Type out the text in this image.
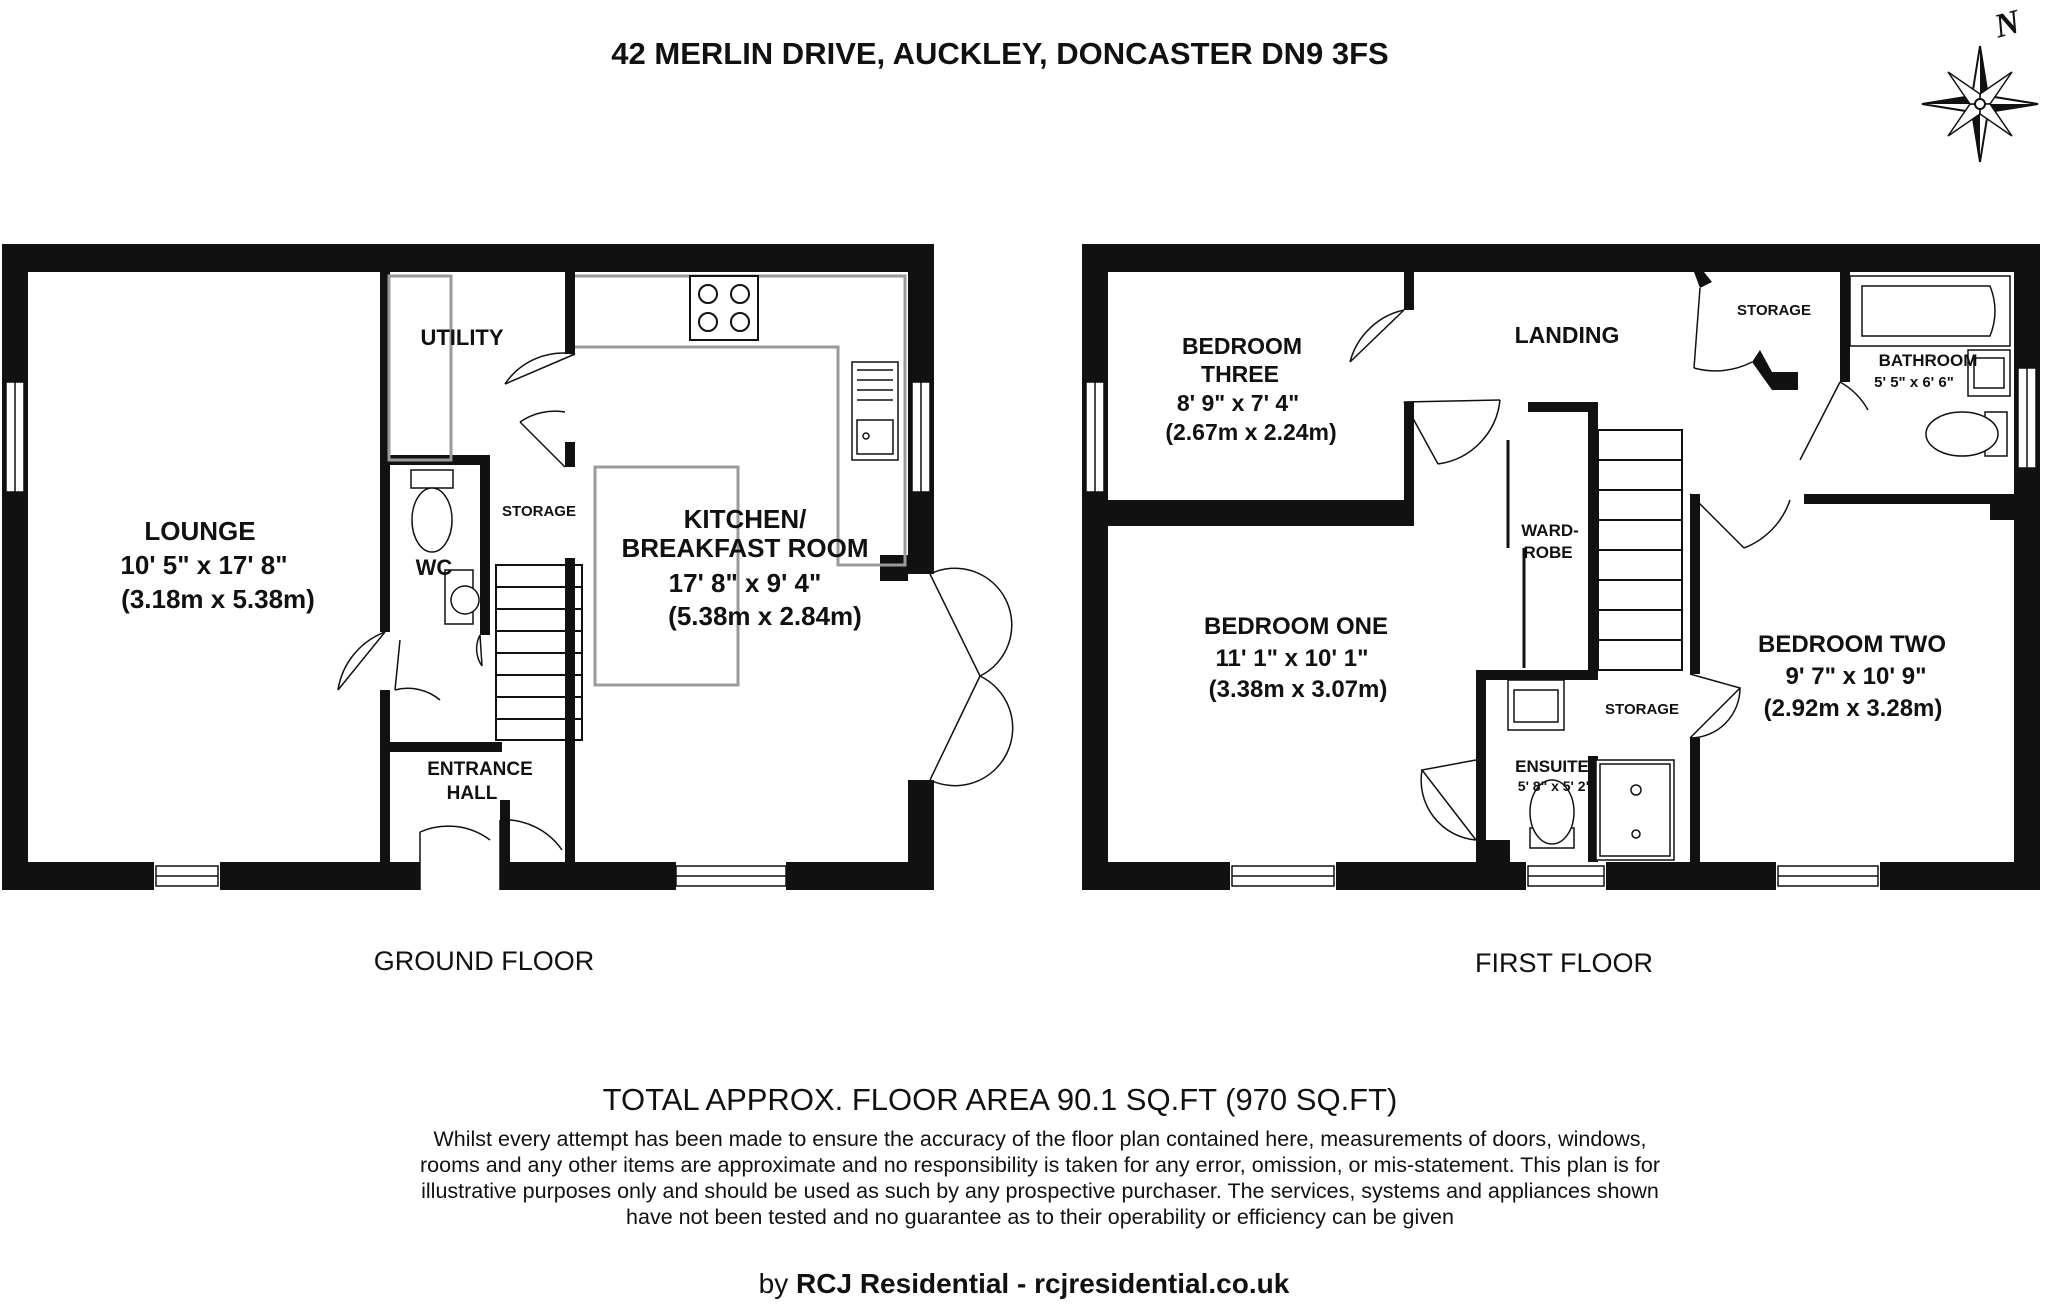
42 MERLIN DRIVE, AUCKLEY, DONCASTER DN9 3FS
N
LOUNGE
10' 5" x 17' 8"
(3.18m x 5.38m)
UTILITY
STORAGE
WC
KITCHEN/
BREAKFAST ROOM
17' 8" x 9' 4"
(5.38m x 2.84m)
ENTRANCE
HALL
GROUND FLOOR
BEDROOM
THREE
8' 9" x 7' 4"
(2.67m x 2.24m)
LANDING
STORAGE
BATHROOM
5' 5" x 6' 6"
WARD-
ROBE
BEDROOM ONE
11' 1" x 10' 1"
(3.38m x 3.07m)
BEDROOM TWO
9' 7" x 10' 9"
(2.92m x 3.28m)
STORAGE
ENSUITE
5' 8" x 5' 2"
FIRST FLOOR
TOTAL APPROX. FLOOR AREA 90.1 SQ.FT (970 SQ.FT)
Whilst every attempt has been made to ensure the accuracy of the floor plan contained here, measurements of doors, windows, rooms and any other items are approximate and no responsibility is taken for any error, omission, or mis-statement. This plan is for illustrative purposes only and should be used as such by any prospective purchaser. The services, systems and appliances shown have not been tested and no guarantee as to their operability or efficiency can be given
by RCJ Residential - rcjresidential.co.uk
